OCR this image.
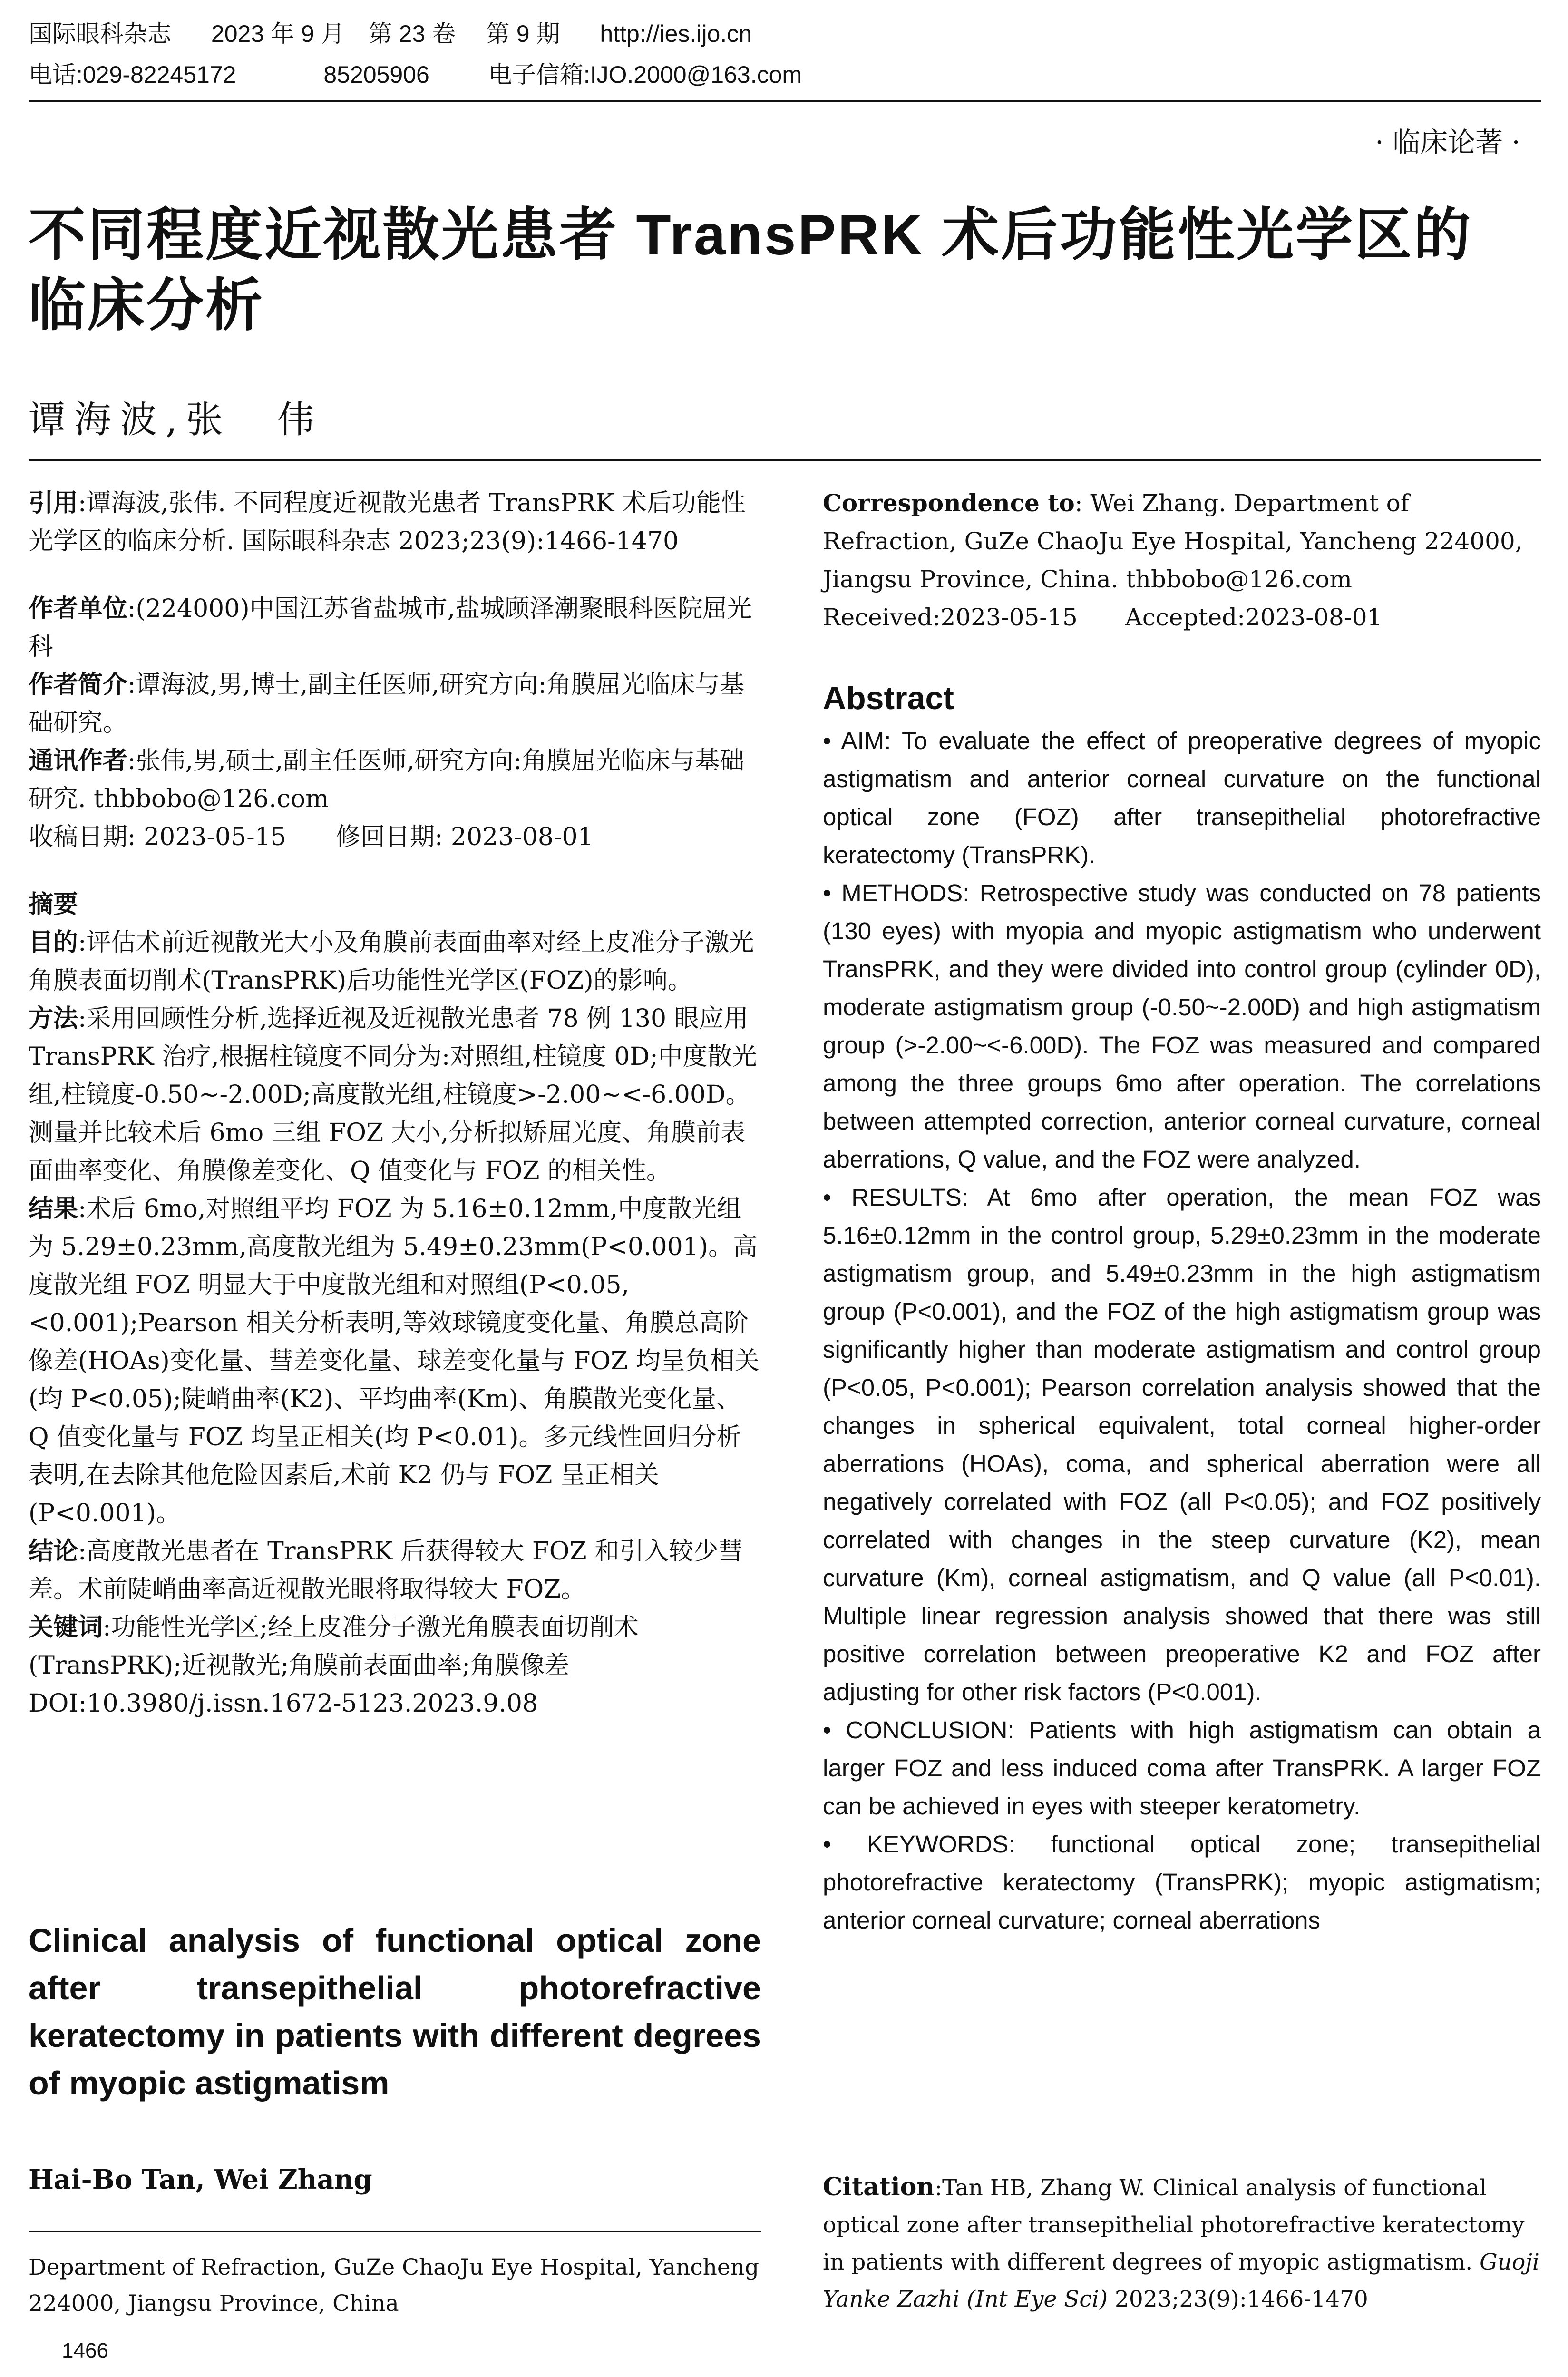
国际眼科杂志 2023 年 9 月　第 23 卷　 第 9 期 http://ies.ijo.cn
电话:029-82245172	85205906 电子信箱:IJO.2000@163.com
· 临床论著 ·
不同程度近视散光患者 TransPRK 术后功能性光学区的
临床分析
谭海波,张　伟

引用:谭海波,张伟. 不同程度近视散光患者 TransPRK 术后功能性光学区的临床分析. 国际眼科杂志 2023;23(9):1466-1470

作者单位:(224000)中国江苏省盐城市,盐城顾泽潮聚眼科医院屈光科

作者简介:谭海波,男,博士,副主任医师,研究方向:角膜屈光临床与基础研究。

通讯作者:张伟,男,硕士,副主任医师,研究方向:角膜屈光临床与基础研究. thbbobo@126.com

收稿日期: 2023-05-15　　修回日期: 2023-08-01

摘要

目的:评估术前近视散光大小及角膜前表面曲率对经上皮准分子激光角膜表面切削术(TransPRK)后功能性光学区(FOZ)的影响。

方法:采用回顾性分析,选择近视及近视散光患者 78 例 130 眼应用 TransPRK 治疗,根据柱镜度不同分为:对照组,柱镜度 0D;中度散光组,柱镜度-0.50~-2.00D;高度散光组,柱镜度>-2.00~<-6.00D。测量并比较术后 6mo 三组 FOZ 大小,分析拟矫屈光度、角膜前表面曲率变化、角膜像差变化、Q 值变化与 FOZ 的相关性。

结果:术后 6mo,对照组平均 FOZ 为 5.16±0.12mm,中度散光组为 5.29±0.23mm,高度散光组为 5.49±0.23mm(P<0.001)。高度散光组 FOZ 明显大于中度散光组和对照组(P<0.05,<0.001);Pearson 相关分析表明,等效球镜度变化量、角膜总高阶像差(HOAs)变化量、彗差变化量、球差变化量与 FOZ 均呈负相关(均 P<0.05);陡峭曲率(K2)、平均曲率(Km)、角膜散光变化量、Q 值变化量与 FOZ 均呈正相关(均 P<0.01)。多元线性回归分析表明,在去除其他危险因素后,术前 K2 仍与 FOZ 呈正相关(P<0.001)。

结论:高度散光患者在 TransPRK 后获得较大 FOZ 和引入较少彗差。术前陡峭曲率高近视散光眼将取得较大 FOZ。

关键词:功能性光学区;经上皮准分子激光角膜表面切削术(TransPRK);近视散光;角膜前表面曲率;角膜像差

DOI:10.3980/j.issn.1672-5123.2023.9.08

Clinical analysis of functional optical zone after transepithelial photorefractive keratectomy in patients with different degrees of myopic astigmatism
Hai-Bo Tan, Wei Zhang
Department of Refraction, GuZe ChaoJu Eye Hospital, Yancheng 224000, Jiangsu Province, China
1466

Correspondence to: Wei Zhang. Department of Refraction, GuZe ChaoJu Eye Hospital, Yancheng 224000, Jiangsu Province, China. thbbobo@126.com

Received:2023-05-15　　Accepted:2023-08-01

Abstract

• AIM: To evaluate the effect of preoperative degrees of myopic astigmatism and anterior corneal curvature on the functional optical zone (FOZ) after transepithelial photorefractive keratectomy (TransPRK).

• METHODS: Retrospective study was conducted on 78 patients (130 eyes) with myopia and myopic astigmatism who underwent TransPRK, and they were divided into control group (cylinder 0D), moderate astigmatism group (-0.50~-2.00D) and high astigmatism group (>-2.00~<-6.00D). The FOZ was measured and compared among the three groups 6mo after operation. The correlations between attempted correction, anterior corneal curvature, corneal aberrations, Q value, and the FOZ were analyzed.

• RESULTS: At 6mo after operation, the mean FOZ was 5.16±0.12mm in the control group, 5.29±0.23mm in the moderate astigmatism group, and 5.49±0.23mm in the high astigmatism group (P<0.001), and the FOZ of the high astigmatism group was significantly higher than moderate astigmatism and control group (P<0.05, P<0.001); Pearson correlation analysis showed that the changes in spherical equivalent, total corneal higher-order aberrations (HOAs), coma, and spherical aberration were all negatively correlated with FOZ (all P<0.05); and FOZ positively correlated with changes in the steep curvature (K2), mean curvature (Km), corneal astigmatism, and Q value (all P<0.01). Multiple linear regression analysis showed that there was still positive correlation between preoperative K2 and FOZ after adjusting for other risk factors (P<0.001).

• CONCLUSION: Patients with high astigmatism can obtain a larger FOZ and less induced coma after TransPRK. A larger FOZ can be achieved in eyes with steeper keratometry.

• KEYWORDS: functional optical zone; transepithelial photorefractive keratectomy (TransPRK); myopic astigmatism; anterior corneal curvature; corneal aberrations

Citation:Tan HB, Zhang W. Clinical analysis of functional optical zone after transepithelial photorefractive keratectomy in patients with different degrees of myopic astigmatism. Guoji Yanke Zazhi (Int Eye Sci) 2023;23(9):1466-1470
